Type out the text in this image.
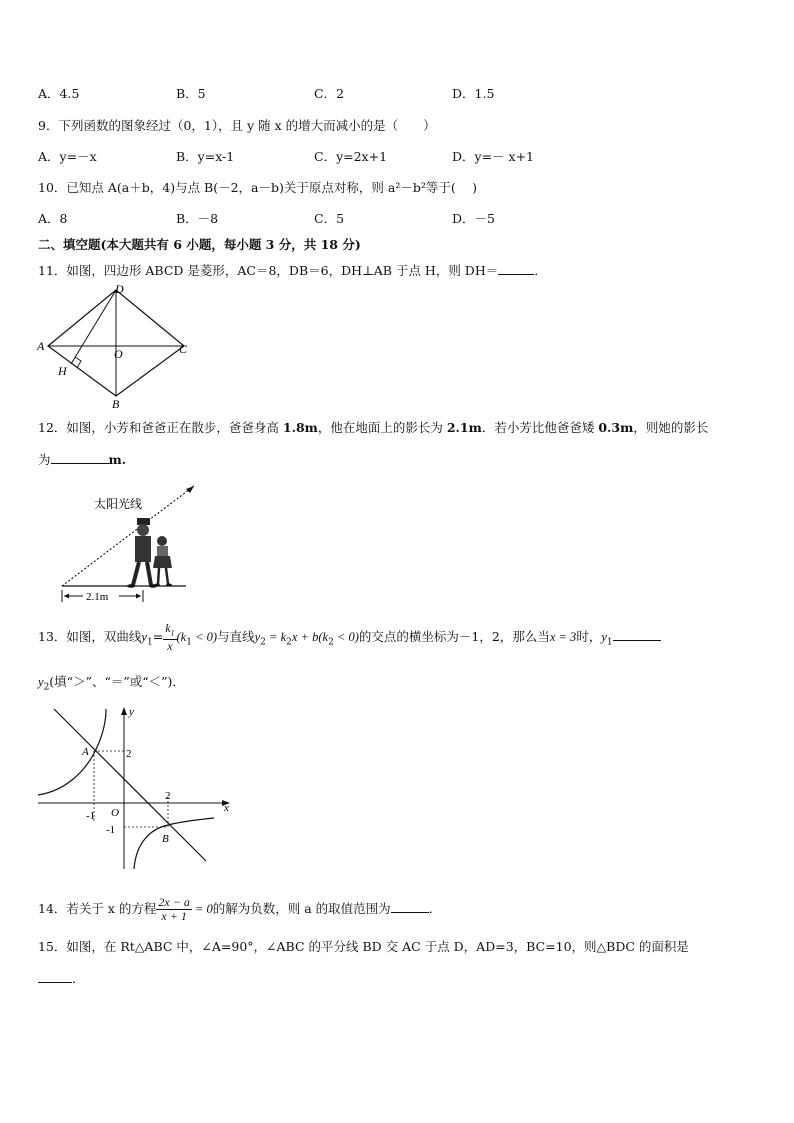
A．4.5	B．5	C．2	D．1.5
9．下列函数的图象经过（0，1），且 y 随 x 的增大而减小的是（　　）
A．y=－x	B．y=x-1	C．y=2x+1	D．y=－ x+1
10．已知点 A(a＋b，4)与点 B(－2，a－b)关于原点对称，则 a²－b²等于(　 )
A．8	B．－8	C．5	D．－5
二、填空题(本大题共有 6 小题，每小题 3 分，共 18 分)
11．如图，四边形 ABCD 是菱形，AC＝8，DB＝6，DH⊥AB 于点 H，则 DH＝	．
A
D
C
B
O
H
12．如图，小芳和爸爸正在散步，爸爸身高 1.8m，他在地面上的影长为 2.1m．若小芳比他爸爸矮 0.3m，则她的影长
为	m.
太阳光线
2.1m
13．如图，双曲线$y_1= \frac{k_1}{x} (k_1 < 0)$与直线$y_2 = k_2x + b(k_2 < 0)$的交点的横坐标为－1，2，那么当x = 3时，$y_1$
$y_2$(填“＞”、“＝”或“＜”)．
x
y
O
A
B
2
2
-1
-1
14．若关于 x 的方程 $\frac{2x - a}{x + 1} = 0$的解为负数，则 a 的取值范围为	．
15．如图，在 Rt△ABC 中，∠A=90°，∠ABC 的平分线 BD 交 AC 于点 D，AD=3，BC=10，则△BDC 的面积是
．
